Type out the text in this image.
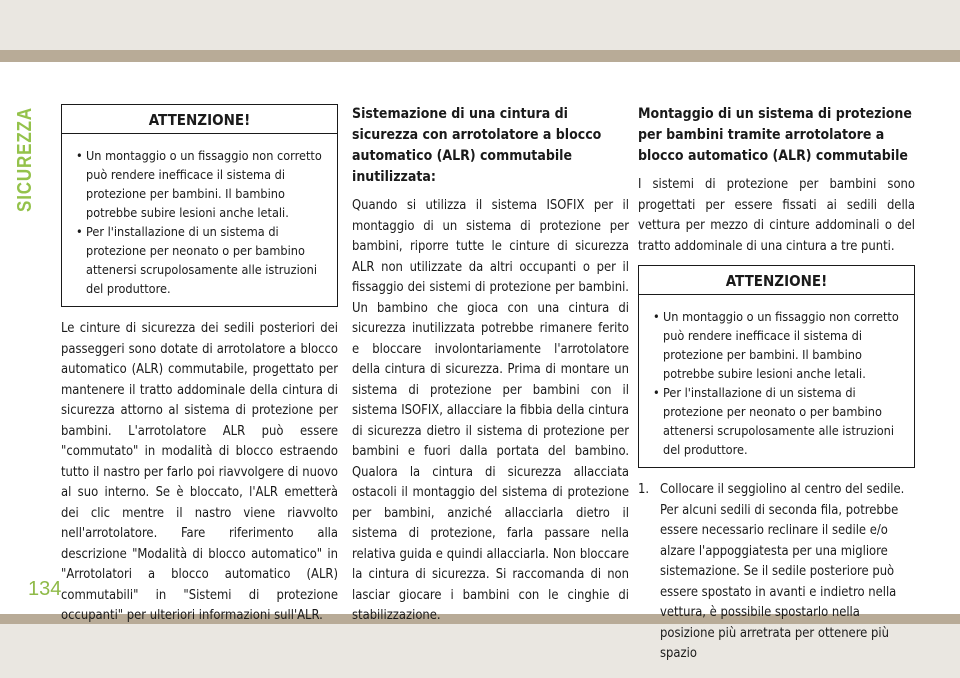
SICUREZZA
134
ATTENZIONE!
• Un montaggio o un fissaggio non corretto può rendere inefficace il sistema di protezione per bambini. Il bambino potrebbe subire lesioni anche letali.
• Per l'installazione di un sistema di protezione per neonato o per bambino attenersi scrupolosamente alle istruzioni del produttore.

Le cinture di sicurezza dei sedili posteriori dei passeggeri sono dotate di arrotolatore a blocco automatico (ALR) commutabile, progettato per mantenere il tratto addominale della cintura di sicurezza attorno al sistema di protezione per bambini. L'arrotolatore ALR può essere "commutato" in modalità di blocco estraendo tutto il nastro per farlo poi riavvolgere di nuovo al suo interno. Se è bloccato, l'ALR emetterà dei clic mentre il nastro viene riavvolto nell'arrotolatore. Fare riferimento alla descrizione "Modalità di blocco automatico" in "Arrotolatori a blocco automatico (ALR) commutabili" in "Sistemi di protezione occupanti" per ulteriori informazioni sull'ALR.

Sistemazione di una cintura di sicurezza con arrotolatore a blocco automatico (ALR) commutabile inutilizzata:

Quando si utilizza il sistema ISOFIX per il montaggio di un sistema di protezione per bambini, riporre tutte le cinture di sicurezza ALR non utilizzate da altri occupanti o per il fissaggio dei sistemi di protezione per bambini. Un bambino che gioca con una cintura di sicurezza inutilizzata potrebbe rimanere ferito e bloccare involontariamente l'arrotolatore della cintura di sicurezza. Prima di montare un sistema di protezione per bambini con il sistema ISOFIX, allacciare la fibbia della cintura di sicurezza dietro il sistema di protezione per bambini e fuori dalla portata del bambino. Qualora la cintura di sicurezza allacciata ostacoli il montaggio del sistema di protezione per bambini, anziché allacciarla dietro il sistema di protezione, farla passare nella relativa guida e quindi allacciarla. Non bloccare la cintura di sicurezza. Si raccomanda di non lasciar giocare i bambini con le cinghie di stabilizzazione.

Montaggio di un sistema di protezione per bambini tramite arrotolatore a blocco automatico (ALR) commutabile

I sistemi di protezione per bambini sono progettati per essere fissati ai sedili della vettura per mezzo di cinture addominali o del tratto addominale di una cintura a tre punti.

ATTENZIONE!
• Un montaggio o un fissaggio non corretto può rendere inefficace il sistema di protezione per bambini. Il bambino potrebbe subire lesioni anche letali.
• Per l'installazione di un sistema di protezione per neonato o per bambino attenersi scrupolosamente alle istruzioni del produttore.
1. Collocare il seggiolino al centro del sedile. Per alcuni sedili di seconda fila, potrebbe essere necessario reclinare il sedile e/o alzare l'appoggiatesta per una migliore sistemazione. Se il sedile posteriore può essere spostato in avanti e indietro nella vettura, è possibile spostarlo nella posizione più arretrata per ottenere più spazio
